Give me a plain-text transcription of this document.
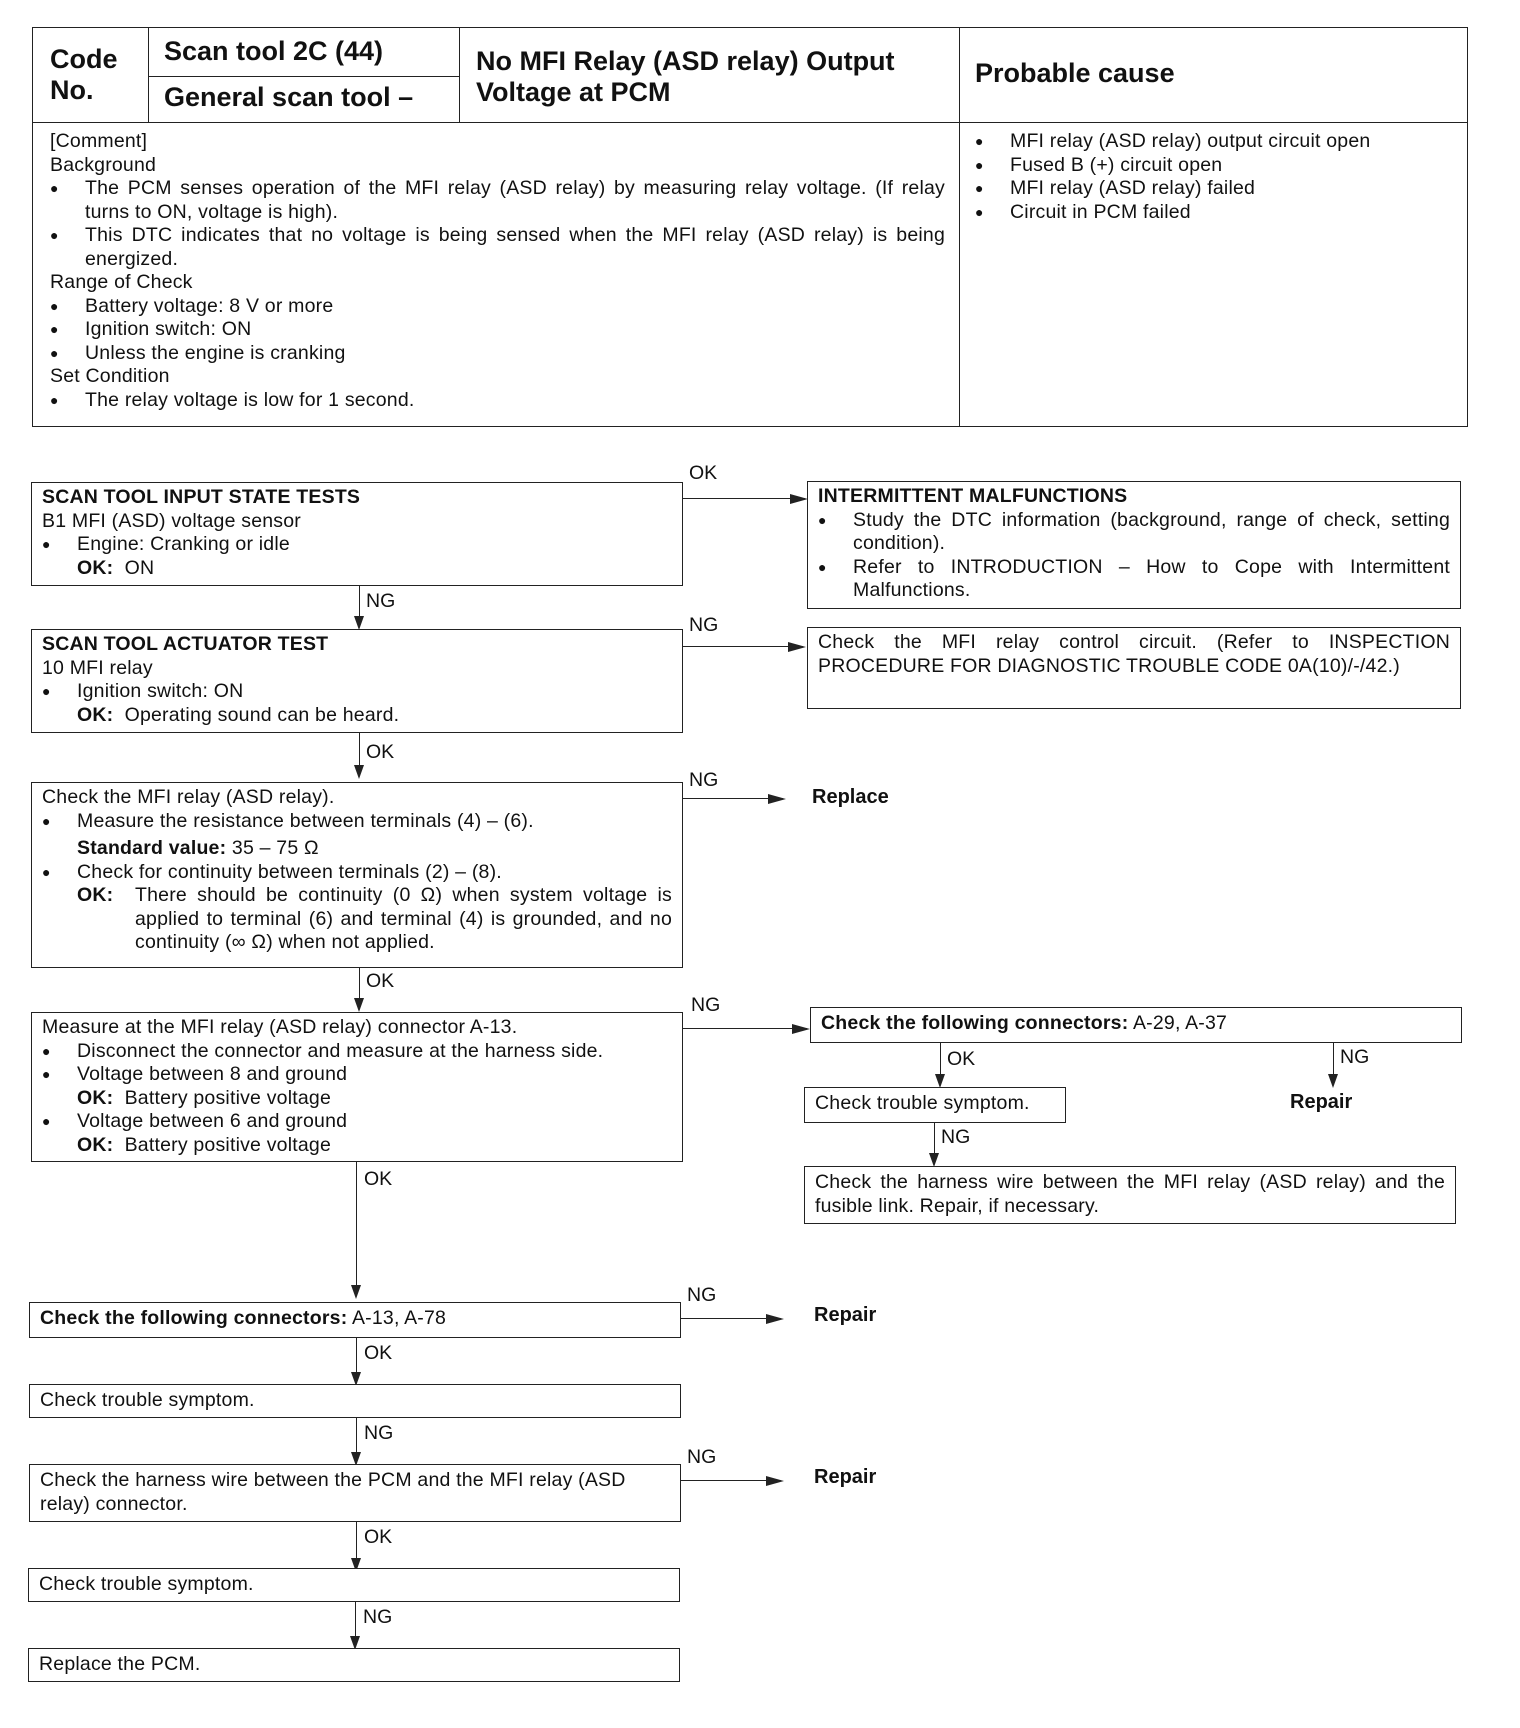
Code
No.
Scan tool 2C (44)
General scan tool –
No MFI Relay (ASD relay) Output
Voltage at PCM
Probable cause
[Comment]
Background
● The PCM senses operation of the MFI relay (ASD relay) by measuring relay voltage. (If relay turns to ON, voltage is high).
● This DTC indicates that no voltage is being sensed when the MFI relay (ASD relay) is being energized.
Range of Check
● Battery voltage: 8 V or more
● Ignition switch: ON
● Unless the engine is cranking
Set Condition
● The relay voltage is low for 1 second.
● MFI relay (ASD relay) output circuit open
● Fused B (+) circuit open
● MFI relay (ASD relay) failed
● Circuit in PCM failed
SCAN TOOL INPUT STATE TESTS
B1 MFI (ASD) voltage sensor
● Engine: Cranking or idle
OK: ON
OK
INTERMITTENT MALFUNCTIONS
● Study the DTC information (background, range of check, setting condition).
● Refer to INTRODUCTION – How to Cope with Intermittent Malfunctions.
NG
SCAN TOOL ACTUATOR TEST
10 MFI relay
● Ignition switch: ON
OK: Operating sound can be heard.
NG
Check the MFI relay control circuit. (Refer to INSPECTION PROCEDURE FOR DIAGNOSTIC TROUBLE CODE 0A(10)/-/42.)
OK
Check the MFI relay (ASD relay).
● Measure the resistance between terminals (4) – (6).
Standard value: 35 – 75 Ω
● Check for continuity between terminals (2) – (8).
OK:	There should be continuity (0 Ω) when system voltage is applied to terminal (6) and terminal (4) is grounded, and no continuity (∞ Ω) when not applied.
NG
Replace
OK
Measure at the MFI relay (ASD relay) connector A-13.
● Disconnect the connector and measure at the harness side.
● Voltage between 8 and ground
OK: Battery positive voltage
● Voltage between 6 and ground
OK: Battery positive voltage
NG
Check the following connectors: A-29, A-37
OK	NG
Repair
Check trouble symptom.
NG
Check the harness wire between the MFI relay (ASD relay) and the fusible link. Repair, if necessary.
OK
Check the following connectors: A-13, A-78
NG
Repair
OK
Check trouble symptom.
NG
Check the harness wire between the PCM and the MFI relay (ASD relay) connector.
NG
Repair
OK
Check trouble symptom.
NG
Replace the PCM.
